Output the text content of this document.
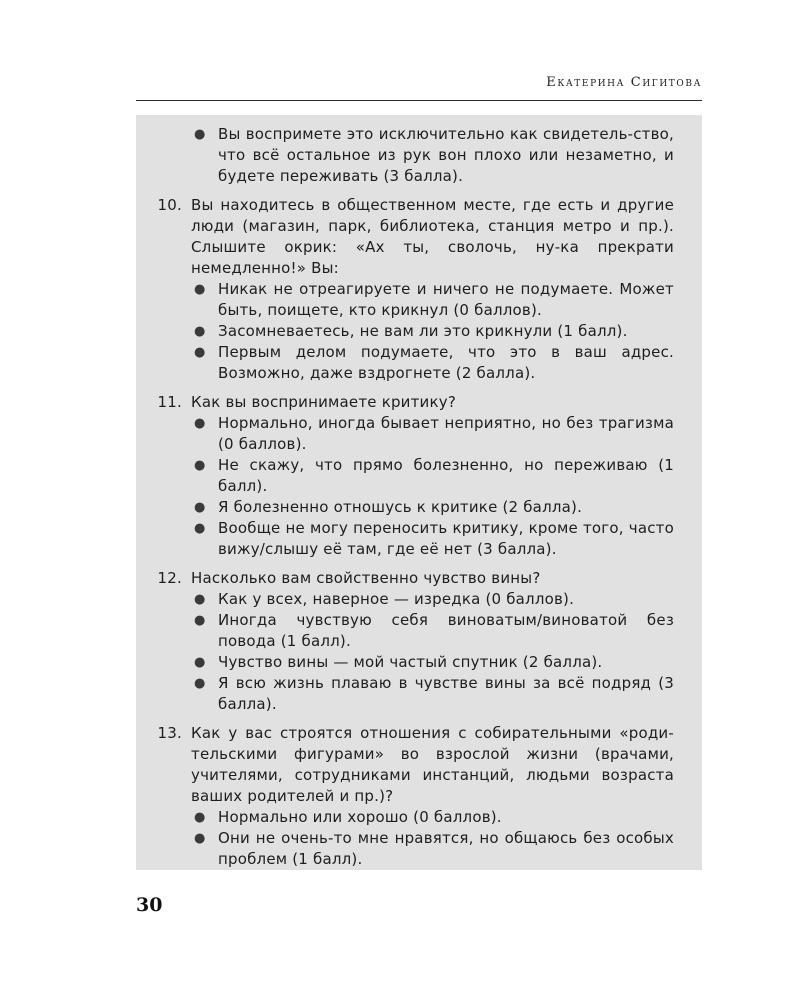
Екатерина Сигитова
● Вы воспримете это исключительно как свидетель-ство, что всё остальное из рук вон плохо или незаметно, и будете переживать (3 балла).
10. Вы находитесь в общественном месте, где есть и другие люди (магазин, парк, библиотека, станция метро и пр.). Слышите окрик: «Ах ты, сволочь, ну-ка прекрати немедленно!» Вы:
● Никак не отреагируете и ничего не подумаете. Может быть, поищете, кто крикнул (0 баллов).
● Засомневаетесь, не вам ли это крикнули (1 балл).
● Первым делом подумаете, что это в ваш адрес. Возможно, даже вздрогнете (2 балла).
11. Как вы воспринимаете критику?
● Нормально, иногда бывает неприятно, но без трагизма (0 баллов).
● Не скажу, что прямо болезненно, но переживаю (1 балл).
● Я болезненно отношусь к критике (2 балла).
● Вообще не могу переносить критику, кроме того, часто вижу/слышу её там, где её нет (3 балла).
12. Насколько вам свойственно чувство вины?
● Как у всех, наверное — изредка (0 баллов).
● Иногда чувствую себя виноватым/виноватой без повода (1 балл).
● Чувство вины — мой частый спутник (2 балла).
● Я всю жизнь плаваю в чувстве вины за всё подряд (3 балла).
13. Как у вас строятся отношения с собирательными «роди-тельскими фигурами» во взрослой жизни (врачами, учителями, сотрудниками инстанций, людьми возраста ваших родителей и пр.)?
● Нормально или хорошо (0 баллов).
● Они не очень-то мне нравятся, но общаюсь без особых проблем (1 балл).
30
